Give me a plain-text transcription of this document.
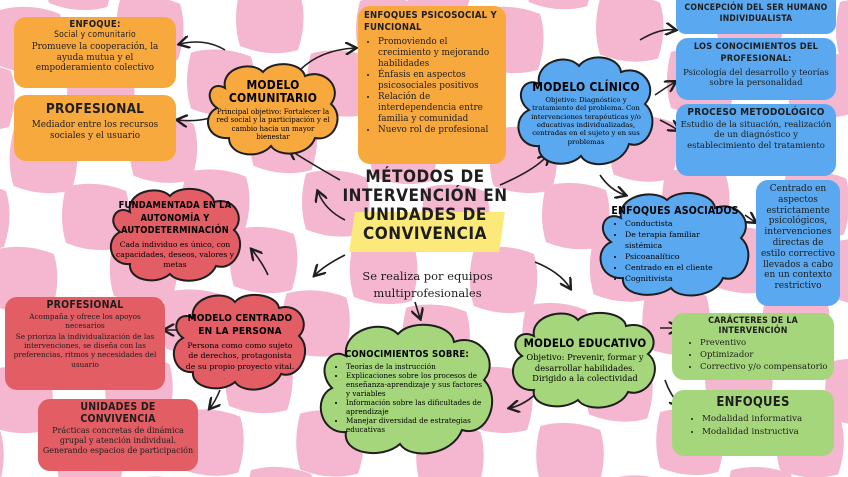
ENFOQUE:
Social y comunitario
Promueve la cooperación, la ayuda mutua y el empoderamiento colectivo
PROFESIONAL
Mediador entre los recursos sociales y el usuario
MODELO COMUNITARIO
Principal objetivo: Fortalecer la red social y la participación y el cambio hacia un mayor bienestar
ENFOQUES PSICOSOCIAL Y FUNCIONAL
• Promoviendo el crecimiento y mejorando habilidades
• Énfasis en aspectos psicosociales positivos
• Relación de interdependencia entre familia y comunidad
• Nuevo rol de profesional
MODELO CLÍNICO
Objetivo: Diagnóstico y tratamiento del problema. Con intervenciones terapéuticas y/o educativas individualizadas, centradas en el sujeto y en sus problemas
CONCEPCIÓN DEL SER HUMANO INDIVIDUALISTA
LOS CONOCIMIENTOS DEL PROFESIONAL:
Psicología del desarrollo y teorías sobre la personalidad
PROCESO METODOLÓGICO
Estudio de la situación, realización de un diagnóstico y establecimiento del tratamiento
Centrado en aspectos estrictamente psicológicos, intervenciones directas de estilo correctivo llevados a cabo en un contexto restrictivo
ENFOQUES ASOCIADOS
• Conductista
• De terapia familiar sistémica
• Psicoanalítico
• Centrado en el cliente
• Cognitivista
MÉTODOS DE INTERVENCIÓN EN UNIDADES DE CONVIVENCIA
Se realiza por equipos multiprofesionales
FUNDAMENTADA EN LA AUTONOMÍA Y AUTODETERMINACIÓN
Cada individuo es único, con capacidades, deseos, valores y metas
PROFESIONAL
Acompaña y ofrece los apoyos necesarios
Se prioriza la individualización de las intervenciones, se diseña con las preferencias, ritmos y necesidades del usuario
MODELO CENTRADO EN LA PERSONA
Persona como como sujeto de derechos, protagonista de su propio proyecto vital.
UNIDADES DE CONVIVENCIA
Prácticas concretas de dinámica grupal y atención individual.
Generando espacios de participación
CONOCIMIENTOS SOBRE:
• Teorías de la instrucción
• Explicaciones sobre los procesos de enseñanza-aprendizaje y sus factores y variables
• Información sobre las dificultades de aprendizaje
• Manejar diversidad de estrategias educativas
MODELO EDUCATIVO
Objetivo: Prevenir, formar y desarrollar habilidades.
Dirigido a la colectividad
CARÁCTERES DE LA INTERVENCIÓN
• Preventivo
• Optimizador
• Correctivo y/o compensatorio
ENFOQUES
• Modalidad informativa
• Modalidad instructiva
